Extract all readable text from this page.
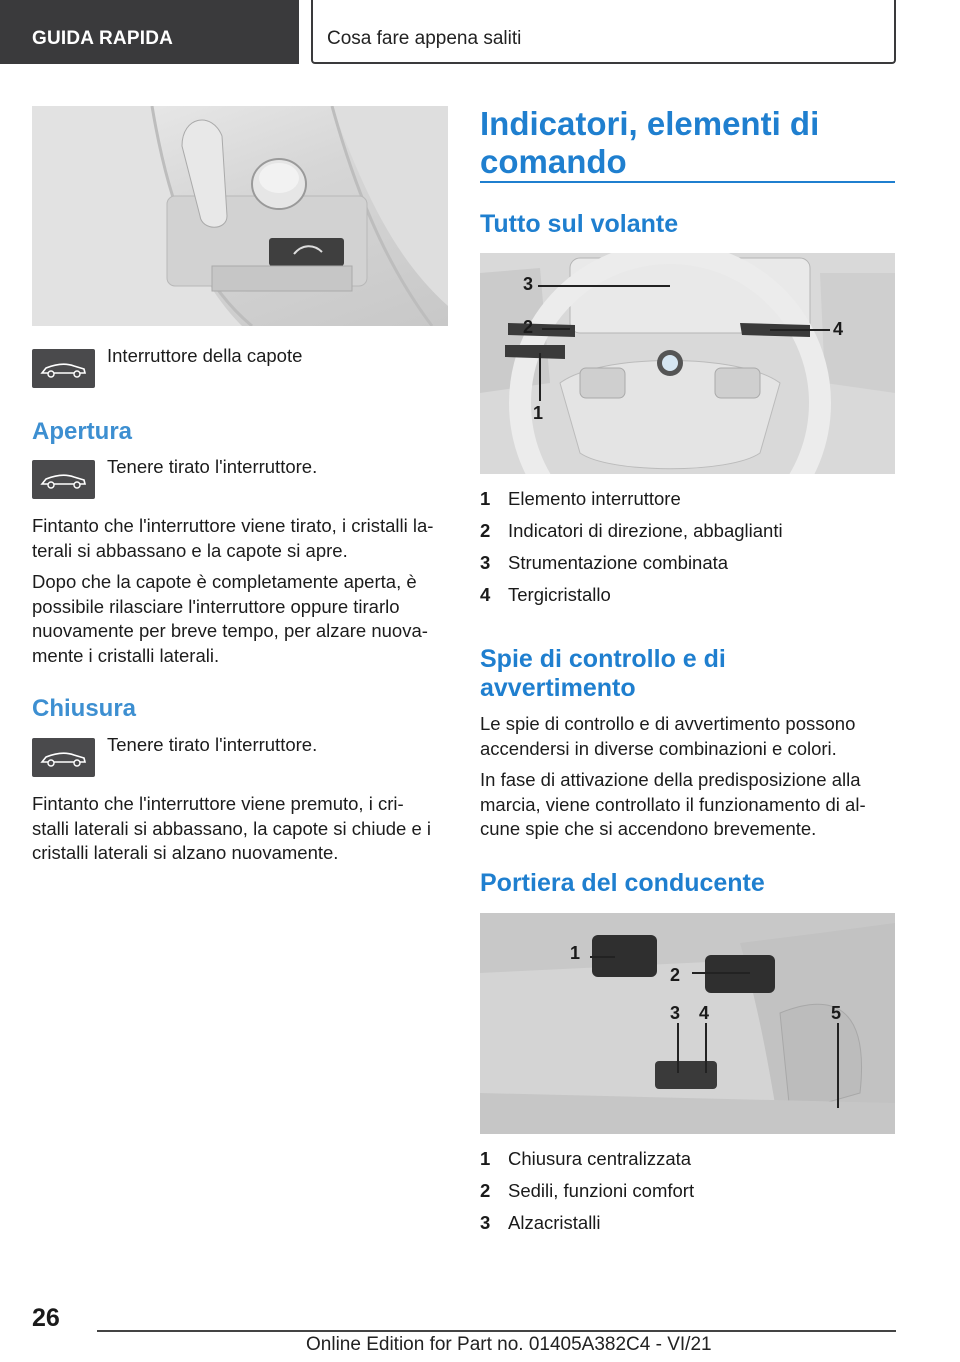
GUIDA RAPIDA	Cosa fare appena saliti
Interruttore della capote
Apertura
Tenere tirato l'interruttore.
Fintanto che l'interruttore viene tirato, i cristalli la-
terali si abbassano e la capote si apre.
Dopo che la capote è completamente aperta, è
possibile rilasciare l'interruttore oppure tirarlo
nuovamente per breve tempo, per alzare nuova-
mente i cristalli laterali.
Chiusura
Tenere tirato l'interruttore.
Fintanto che l'interruttore viene premuto, i cri-
stalli laterali si abbassano, la capote si chiude e i
cristalli laterali si alzano nuovamente.
Indicatori, elementi di
comando
Tutto sul volante
3
2	4
1
1 Elemento interruttore
2 Indicatori di direzione, abbaglianti
3 Strumentazione combinata
4 Tergicristallo
Spie di controllo e di
avvertimento
Le spie di controllo e di avvertimento possono
accendersi in diverse combinazioni e colori.
In fase di attivazione della predisposizione alla
marcia, viene controllato il funzionamento di al-
cune spie che si accendono brevemente.
Portiera del conducente
1
2
3 4	5
1 Chiusura centralizzata
2 Sedili, funzioni comfort
3 Alzacristalli
26
Online Edition for Part no. 01405A382C4 - VI/21
